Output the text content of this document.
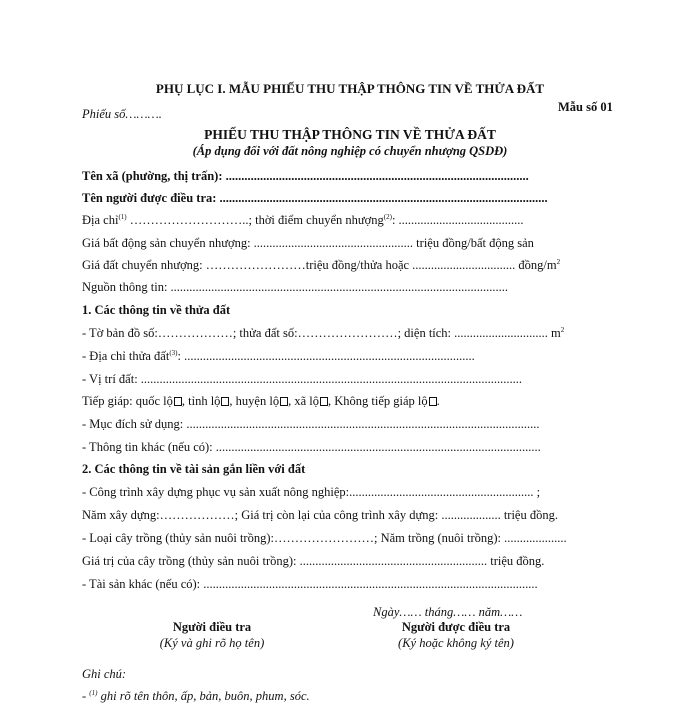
PHỤ LỤC I. MẪU PHIẾU THU THẬP THÔNG TIN VỀ THỬA ĐẤT
Mẫu số 01
Phiếu số……….
PHIẾU THU THẬP THÔNG TIN VỀ THỬA ĐẤT
(Áp dụng đối với đất nông nghiệp có chuyển nhượng QSDĐ)
Tên xã (phường, thị trấn): .................................................................................................
Tên người được điều tra: .........................................................................................................
Địa chỉ$^{(1)}$ ………………………..; thời điểm chuyển nhượng$^{(2)}$: ........................................
Giá bất động sản chuyển nhượng: ................................................... triệu đồng/bất động sản
Giá đất chuyển nhượng: ……………………triệu đồng/thửa hoặc ................................. đồng/$m^2$
Nguồn thông tin: ............................................................................................................
1. Các thông tin về thửa đất
- Tờ bản đồ số:………………; thửa đất số:……………………; diện tích: .............................. $m^2$
- Địa chỉ thửa đất$^{(3)}$: .............................................................................................
- Vị trí đất: ..........................................................................................................................
Tiếp giáp: quốc lộ , tỉnh lộ , huyện lộ , xã lộ , Không tiếp giáp lộ .
- Mục đích sử dụng: .................................................................................................................
- Thông tin khác (nếu có): ........................................................................................................
2. Các thông tin về tài sản gắn liền với đất
- Công trình xây dựng phục vụ sản xuất nông nghiệp:........................................................... ;
Năm xây dựng:………………; Giá trị còn lại của công trình xây dựng: ................... triệu đồng.
- Loại cây trồng (thủy sản nuôi trồng):……………………; Năm trồng (nuôi trồng): ....................
Giá trị của cây trồng (thủy sản nuôi trồng): ............................................................ triệu đồng.
- Tài sản khác (nếu có): ...........................................................................................................
Ngày…… tháng…… năm……
Người điều tra
(Ký và ghi rõ họ tên)
Người được điều tra
(Ký hoặc không ký tên)
Ghi chú:
- $^{(1)}$ ghi rõ tên thôn, ấp, bản, buôn, phum, sóc.
